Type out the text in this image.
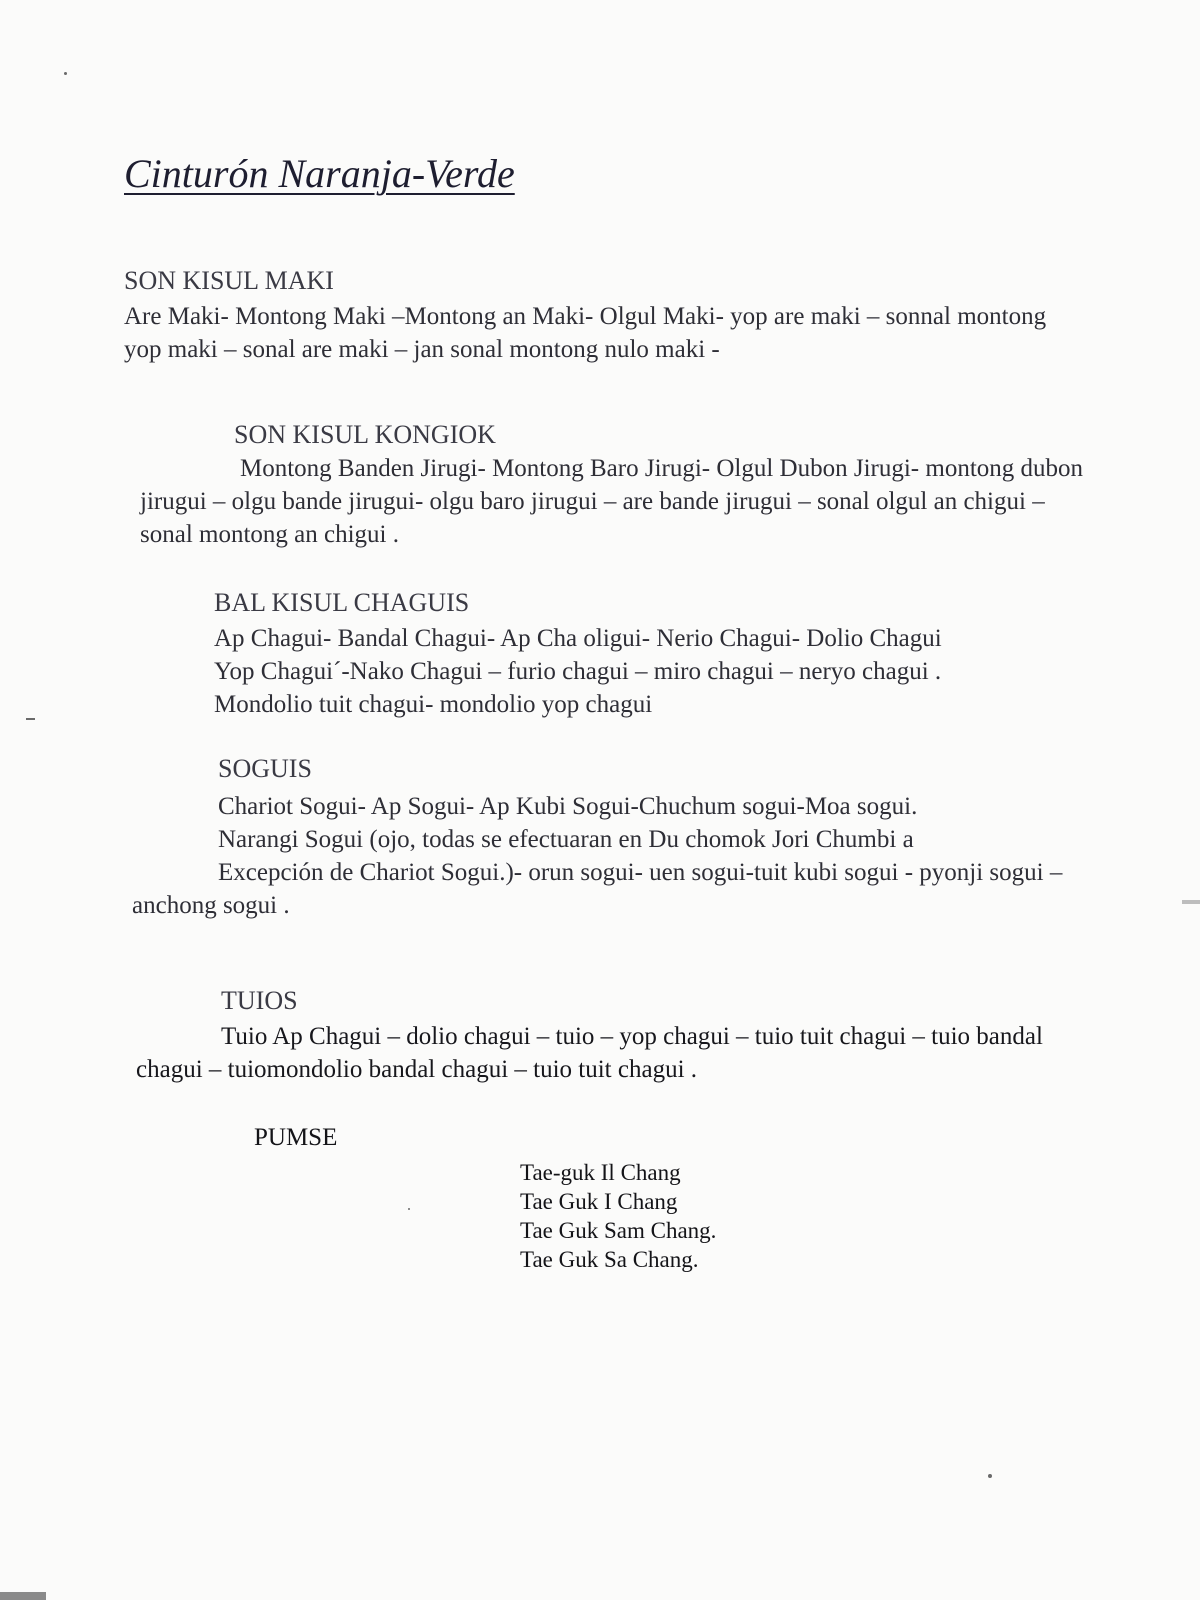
Cinturón Naranja-Verde
SON KISUL MAKI
Are Maki- Montong Maki –Montong an Maki- Olgul Maki- yop are maki – sonnal montong
yop maki – sonal are maki – jan sonal montong nulo maki -
SON KISUL KONGIOK
Montong Banden Jirugi- Montong Baro Jirugi- Olgul Dubon Jirugi- montong dubon
jirugui – olgu bande jirugui- olgu baro jirugui – are bande jirugui – sonal olgul an chigui –
sonal montong an chigui .
BAL KISUL CHAGUIS
Ap Chagui- Bandal Chagui- Ap Cha oligui- Nerio Chagui- Dolio Chagui
Yop Chagui´-Nako Chagui – furio chagui – miro chagui – neryo chagui .
Mondolio tuit chagui- mondolio yop chagui
SOGUIS
Chariot Sogui- Ap Sogui- Ap Kubi Sogui-Chuchum sogui-Moa sogui.
Narangi Sogui (ojo, todas se efectuaran en Du chomok Jori Chumbi a
Excepción de Chariot Sogui.)- orun sogui- uen sogui-tuit kubi sogui - pyonji sogui –
anchong sogui .
TUIOS
Tuio Ap Chagui – dolio chagui – tuio – yop chagui – tuio tuit chagui – tuio bandal
chagui – tuiomondolio bandal chagui – tuio tuit chagui .
PUMSE
Tae-guk Il Chang
Tae Guk I Chang
Tae Guk Sam Chang.
Tae Guk Sa Chang.
